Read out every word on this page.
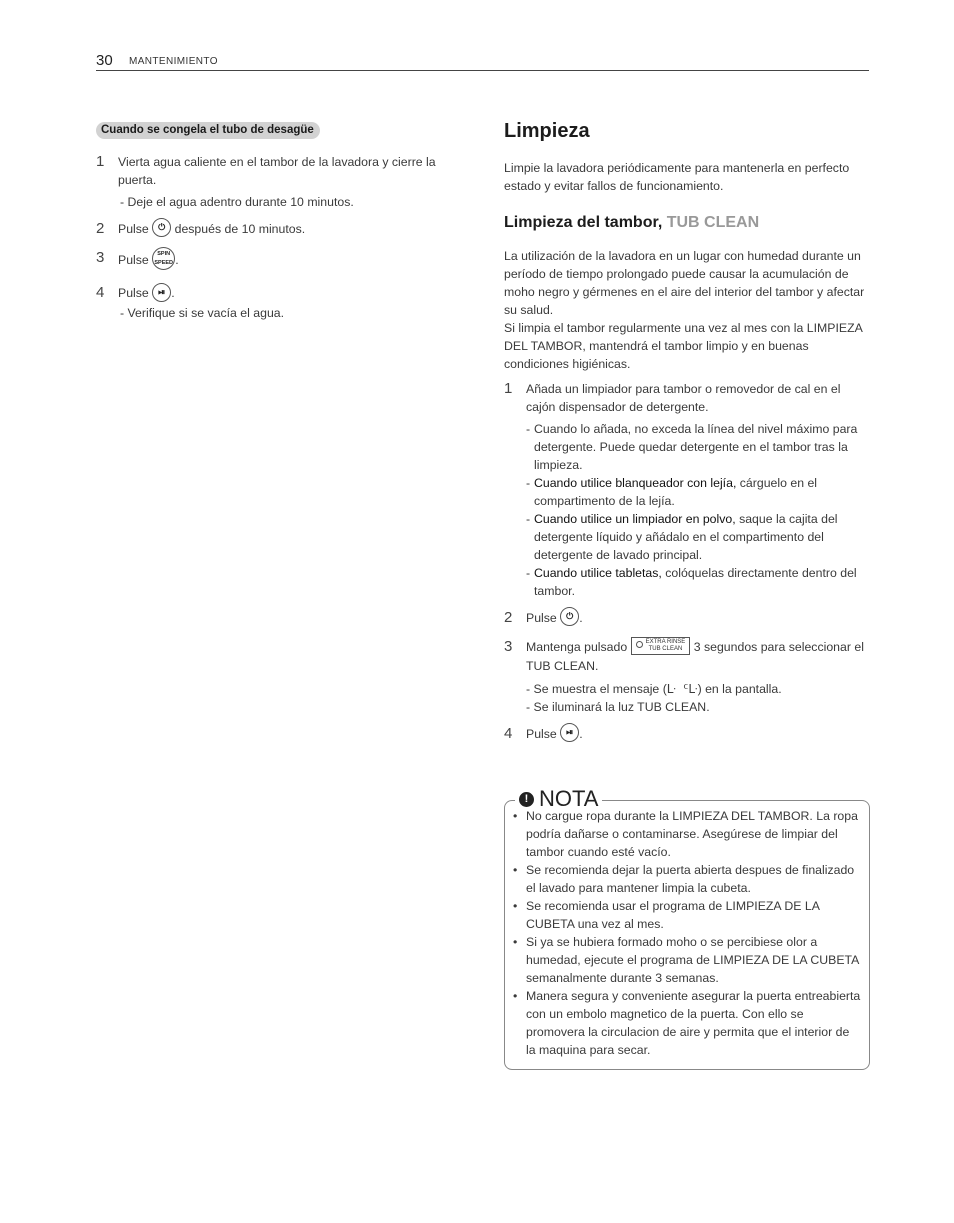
30 MANTENIMIENTO
Cuando se congela el tubo de desagüe
1 Vierta agua caliente en el tambor de la lavadora y cierre la puerta.
- Deje el agua adentro durante 10 minutos.
2 Pulse ⏻ después de 10 minutos.
3 Pulse	SPIN
SPEED .
4 Pulse ⏯ .
- Verifique si se vacía el agua.
Limpieza
Limpie la lavadora periódicamente para mantenerla en perfecto estado y evitar fallos de funcionamiento.
Limpieza del tambor, TUB CLEAN
La utilización de la lavadora en un lugar con humedad durante un período de tiempo prolongado puede causar la acumulación de moho negro y gérmenes en el aire del interior del tambor y afectar su salud.
Si limpia el tambor regularmente una vez al mes con la LIMPIEZA DEL TAMBOR, mantendrá el tambor limpio y en buenas condiciones higiénicas.
1 Añada un limpiador para tambor o removedor de cal en el cajón dispensador de detergente.
- Cuando lo añada, no exceda la línea del nivel máximo para detergente. Puede quedar detergente en el tambor tras la limpieza.
- Cuando utilice blanqueador con lejía, cárguelo en el compartimento de la lejía.
- Cuando utilice un limpiador en polvo, saque la cajita del detergente líquido y añádalo en el compartimento del detergente de lavado principal.
- Cuando utilice tabletas, colóquelas directamente dentro del tambor.
2 Pulse ⏻ .
3 Mantenga pulsado	EXTRA RINSE
TUB CLEAN 3 segundos para seleccionar el TUB CLEAN.
- Se muestra el mensaje (ᒷ ᑦᒷ) en la pantalla.
- Se iluminará la luz TUB CLEAN.
4 Pulse ⏯ .
! NOTA
• No cargue ropa durante la LIMPIEZA DEL TAMBOR. La ropa podría dañarse o contaminarse. Asegúrese de limpiar del tambor cuando esté vacío.
• Se recomienda dejar la puerta abierta despues de finalizado el lavado para mantener limpia la cubeta.
• Se recomienda usar el programa de LIMPIEZA DE LA CUBETA una vez al mes.
• Si ya se hubiera formado moho o se percibiese olor a humedad, ejecute el programa de LIMPIEZA DE LA CUBETA semanalmente durante 3 semanas.
• Manera segura y conveniente asegurar la puerta entreabierta con un embolo magnetico de la puerta. Con ello se promovera la circulacion de aire y permita que el interior de la maquina para secar.
